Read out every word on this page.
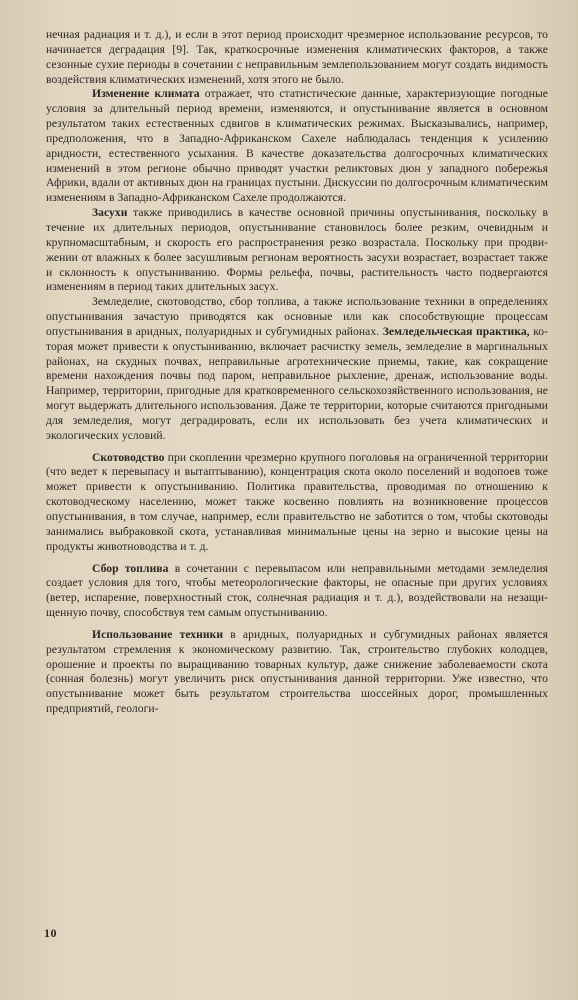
нечная радиация и т. д.), и если в этот период происходит чрезмерное использование ресурсов, то начинается деградация [9]. Так, краткосрочные изменения климатических факторов, а также сезонные сухие периоды в сочетании с неправильным землепользованием могут создать видимость воздействия климатических изменений, хотя этого не было.

Изменение климата отражает, что статистические данные, характеризующие погодные условия за длительный период времени, изменяются, и опустынивание является в основном результатом таких естественных сдвигов в климатических режимах. Высказывались, например, предположения, что в Западно-Африканском Сахеле наблюдалась тенденция к усилению аридности, естественного усыхания. В качестве доказательства долгосрочных климатических изменений в этом регионе обычно приводят участки реликтовых дюн у западного побережья Африки, вдали от активных дюн на границах пустыни. Дискуссии по долгосрочным климатическим изменениям в Западно-Африканском Сахеле продолжаются.

Засухи также приводились в качестве основной причины опустынивания, поскольку в течение их длительных периодов, опустынивание становилось более резким, очевидным и крупномасштабным, и скорость его распространения резко возрастала. Поскольку при продвижении от влажных к более засушливым регионам вероятность засухи возрастает, возрастает также и склонность к опустыниванию. Формы рельефа, почвы, растительность часто подвергаются изменениям в период таких длительных засух.

Земледелие, скотоводство, сбор топлива, а также использование техники в определениях опустынивания зачастую приводятся как основные или как способствующие процессам опустынивания в аридных, полуаридных и субгумидных районах. Земледельческая практика, которая может привести к опустыниванию, включает расчистку земель, земледелие в маргинальных районах, на скудных почвах, неправильные агротехнические приемы, такие, как сокращение времени нахождения почвы под паром, неправильное рыхление, дренаж, использование воды. Например, территории, пригодные для кратковременного сельскохозяйственного использования, не могут выдержать длительного использования. Даже те территории, которые считаются пригодными для земледелия, могут деградировать, если их использовать без учета климатических и экологических условий.

Скотоводство при скоплении чрезмерно крупного поголовья на ограниченной территории (что ведет к перевыпасу и вытаптыванию), концентрация скота около поселений и водопоев тоже может привести к опустыниванию. Политика правительства, проводимая по отношению к скотоводческому населению, может также косвенно повлиять на возникновение процессов опустынивания, в том случае, например, если правительство не заботится о том, чтобы скотоводы занимались выбраковкой скота, устанавливая минимальные цены на зерно и высокие цены на продукты животноводства и т. д.

Сбор топлива в сочетании с перевыпасом или неправильными методами земледелия создает условия для того, чтобы метеорологические факторы, не опасные при других условиях (ветер, испарение, поверхностный сток, солнечная радиация и т. д.), воздействовали на незащищенную почву, способствуя тем самым опустыниванию.

Использование техники в аридных, полуаридных и субгумидных районах является результатом стремления к экономическому развитию. Так, строительство глубоких колодцев, орошение и проекты по выращиванию товарных культур, даже снижение заболеваемости скота (сонная болезнь) могут увеличить риск опустынивания данной территории. Уже известно, что опустынивание может быть результатом строительства шоссейных дорог, промышленных предприятий, геологи-

10
